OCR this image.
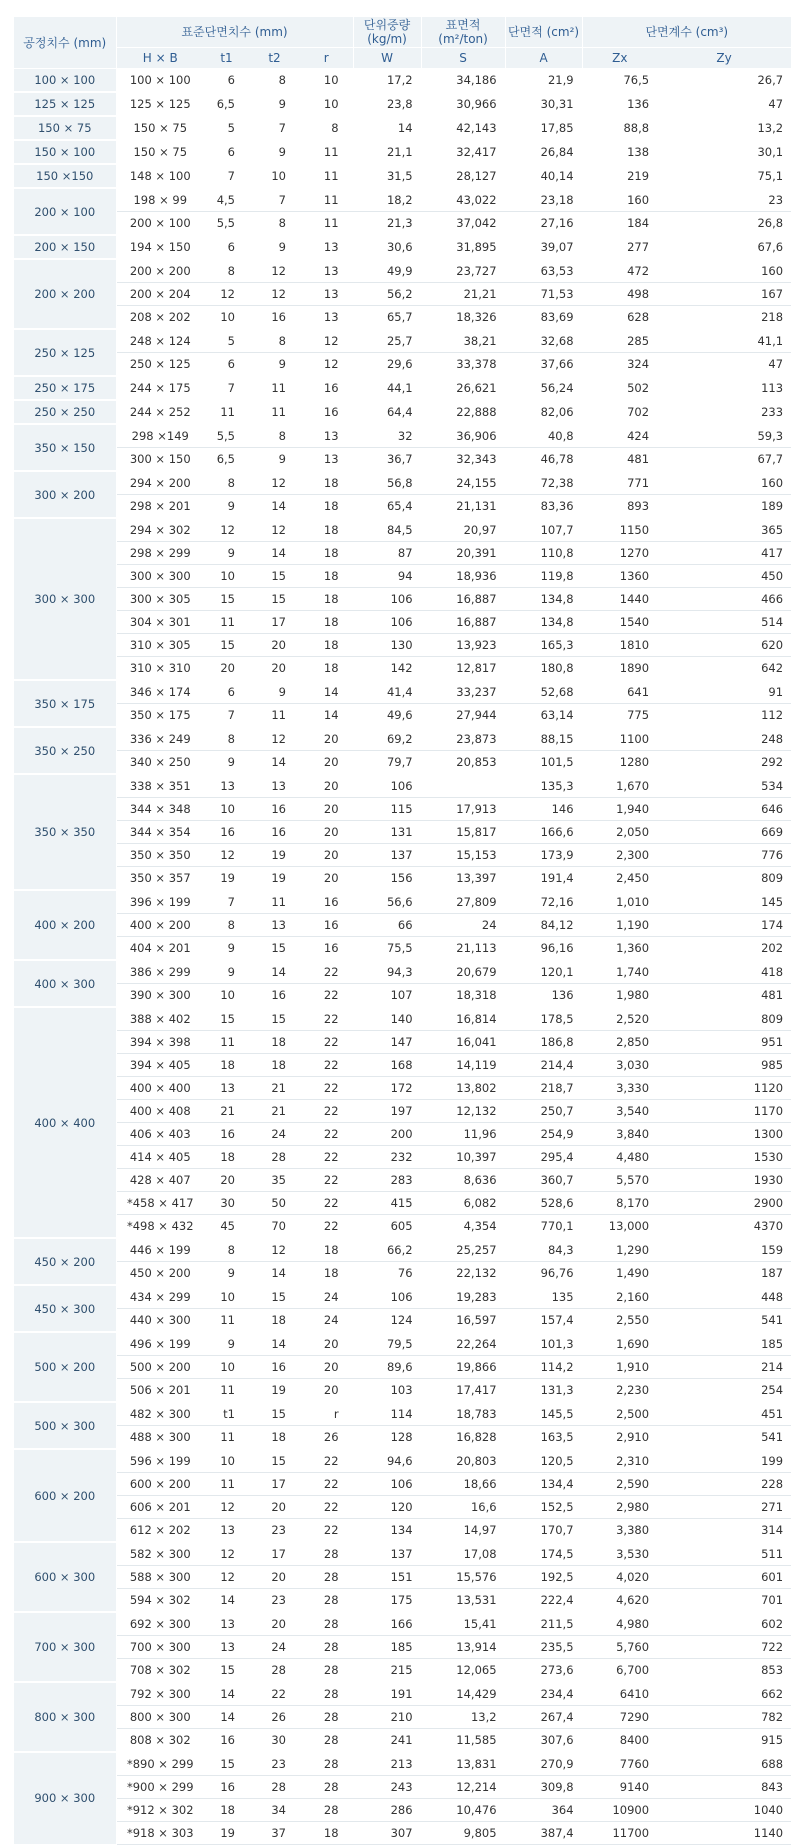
공정치수 (mm)	표준단면치수 (mm)				단위중량
(kg/m)	표면적
(m²/ton)	단면적 (cm²)	단면계수 (cm³)	
	H × B	t1	t2	r	W	S	A	Zx	Zy
100 × 100	100 × 100	6	8	10	17,2	34,186	21,9	76,5	26,7
125 × 125	125 × 125	6,5	9	10	23,8	30,966	30,31	136	47
150 × 75	150 × 75	5	7	8	14	42,143	17,85	88,8	13,2
150 × 100	150 × 75	6	9	11	21,1	32,417	26,84	138	30,1
150 ×150	148 × 100	7	10	11	31,5	28,127	40,14	219	75,1
200 × 100	198 × 99	4,5	7	11	18,2	43,022	23,18	160	23
	200 × 100	5,5	8	11	21,3	37,042	27,16	184	26,8
200 × 150	194 × 150	6	9	13	30,6	31,895	39,07	277	67,6
200 × 200	200 × 200	8	12	13	49,9	23,727	63,53	472	160
	200 × 204	12	12	13	56,2	21,21	71,53	498	167
	208 × 202	10	16	13	65,7	18,326	83,69	628	218
250 × 125	248 × 124	5	8	12	25,7	38,21	32,68	285	41,1
	250 × 125	6	9	12	29,6	33,378	37,66	324	47
250 × 175	244 × 175	7	11	16	44,1	26,621	56,24	502	113
250 × 250	244 × 252	11	11	16	64,4	22,888	82,06	702	233
350 × 150	298 ×149	5,5	8	13	32	36,906	40,8	424	59,3
	300 × 150	6,5	9	13	36,7	32,343	46,78	481	67,7
300 × 200	294 × 200	8	12	18	56,8	24,155	72,38	771	160
	298 × 201	9	14	18	65,4	21,131	83,36	893	189
300 × 300	294 × 302	12	12	18	84,5	20,97	107,7	1150	365
	298 × 299	9	14	18	87	20,391	110,8	1270	417
	300 × 300	10	15	18	94	18,936	119,8	1360	450
	300 × 305	15	15	18	106	16,887	134,8	1440	466
	304 × 301	11	17	18	106	16,887	134,8	1540	514
	310 × 305	15	20	18	130	13,923	165,3	1810	620
	310 × 310	20	20	18	142	12,817	180,8	1890	642
350 × 175	346 × 174	6	9	14	41,4	33,237	52,68	641	91
	350 × 175	7	11	14	49,6	27,944	63,14	775	112
350 × 250	336 × 249	8	12	20	69,2	23,873	88,15	1100	248
	340 × 250	9	14	20	79,7	20,853	101,5	1280	292
350 × 350	338 × 351	13	13	20	106		135,3	1,670	534
	344 × 348	10	16	20	115	17,913	146	1,940	646
	344 × 354	16	16	20	131	15,817	166,6	2,050	669
	350 × 350	12	19	20	137	15,153	173,9	2,300	776
	350 × 357	19	19	20	156	13,397	191,4	2,450	809
400 × 200	396 × 199	7	11	16	56,6	27,809	72,16	1,010	145
	400 × 200	8	13	16	66	24	84,12	1,190	174
	404 × 201	9	15	16	75,5	21,113	96,16	1,360	202
400 × 300	386 × 299	9	14	22	94,3	20,679	120,1	1,740	418
	390 × 300	10	16	22	107	18,318	136	1,980	481
400 × 400	388 × 402	15	15	22	140	16,814	178,5	2,520	809
	394 × 398	11	18	22	147	16,041	186,8	2,850	951
	394 × 405	18	18	22	168	14,119	214,4	3,030	985
	400 × 400	13	21	22	172	13,802	218,7	3,330	1120
	400 × 408	21	21	22	197	12,132	250,7	3,540	1170
	406 × 403	16	24	22	200	11,96	254,9	3,840	1300
	414 × 405	18	28	22	232	10,397	295,4	4,480	1530
	428 × 407	20	35	22	283	8,636	360,7	5,570	1930
	*458 × 417	30	50	22	415	6,082	528,6	8,170	2900
	*498 × 432	45	70	22	605	4,354	770,1	13,000	4370
450 × 200	446 × 199	8	12	18	66,2	25,257	84,3	1,290	159
	450 × 200	9	14	18	76	22,132	96,76	1,490	187
450 × 300	434 × 299	10	15	24	106	19,283	135	2,160	448
	440 × 300	11	18	24	124	16,597	157,4	2,550	541
500 × 200	496 × 199	9	14	20	79,5	22,264	101,3	1,690	185
	500 × 200	10	16	20	89,6	19,866	114,2	1,910	214
	506 × 201	11	19	20	103	17,417	131,3	2,230	254
500 × 300	482 × 300	t1	15	r	114	18,783	145,5	2,500	451
	488 × 300	11	18	26	128	16,828	163,5	2,910	541
600 × 200	596 × 199	10	15	22	94,6	20,803	120,5	2,310	199
	600 × 200	11	17	22	106	18,66	134,4	2,590	228
	606 × 201	12	20	22	120	16,6	152,5	2,980	271
	612 × 202	13	23	22	134	14,97	170,7	3,380	314
600 × 300	582 × 300	12	17	28	137	17,08	174,5	3,530	511
	588 × 300	12	20	28	151	15,576	192,5	4,020	601
	594 × 302	14	23	28	175	13,531	222,4	4,620	701
700 × 300	692 × 300	13	20	28	166	15,41	211,5	4,980	602
	700 × 300	13	24	28	185	13,914	235,5	5,760	722
	708 × 302	15	28	28	215	12,065	273,6	6,700	853
800 × 300	792 × 300	14	22	28	191	14,429	234,4	6410	662
	800 × 300	14	26	28	210	13,2	267,4	7290	782
	808 × 302	16	30	28	241	11,585	307,6	8400	915
900 × 300	*890 × 299	15	23	28	213	13,831	270,9	7760	688
	*900 × 299	16	28	28	243	12,214	309,8	9140	843
	*912 × 302	18	34	28	286	10,476	364	10900	1040
	*918 × 303	19	37	18	307	9,805	387,4	11700	1140
